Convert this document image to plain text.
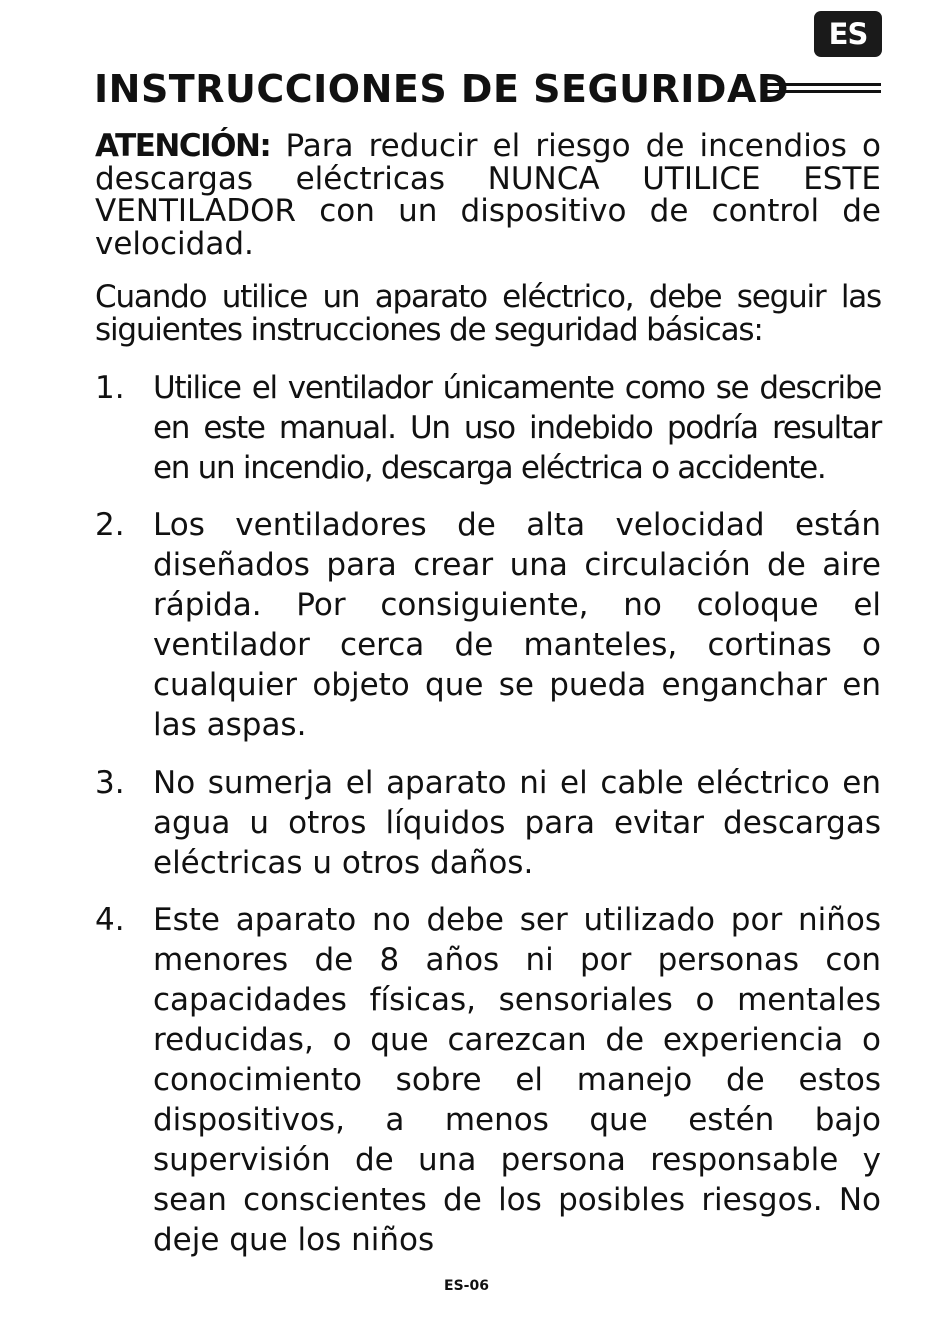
ES
INSTRUCCIONES DE SEGURIDAD

ATENCIÓN: Para reducir el riesgo de incendios o descargas eléctricas NUNCA UTILICE ESTE VENTILADOR con un dispositivo de control de velocidad.

Cuando utilice un aparato eléctrico, debe seguir las siguientes instrucciones de seguridad básicas:

1. Utilice el ventilador únicamente como se describe en este manual. Un uso indebido podría resultar en un incendio, descarga eléctrica o accidente.
2. Los ventiladores de alta velocidad están diseñados para crear una circulación de aire rápida. Por consiguiente, no coloque el ventilador cerca de manteles, cortinas o cualquier objeto que se pueda enganchar en las aspas.
3. No sumerja el aparato ni el cable eléctrico en agua u otros líquidos para evitar descargas eléctricas u otros daños.
4. Este aparato no debe ser utilizado por niños menores de 8 años ni por personas con capacidades físicas, sensoriales o mentales reducidas, o que carezcan de experiencia o conocimiento sobre el manejo de estos dispositivos, a menos que estén bajo supervisión de una persona responsable y sean conscientes de los posibles riesgos. No deje que los niños
ES-06
